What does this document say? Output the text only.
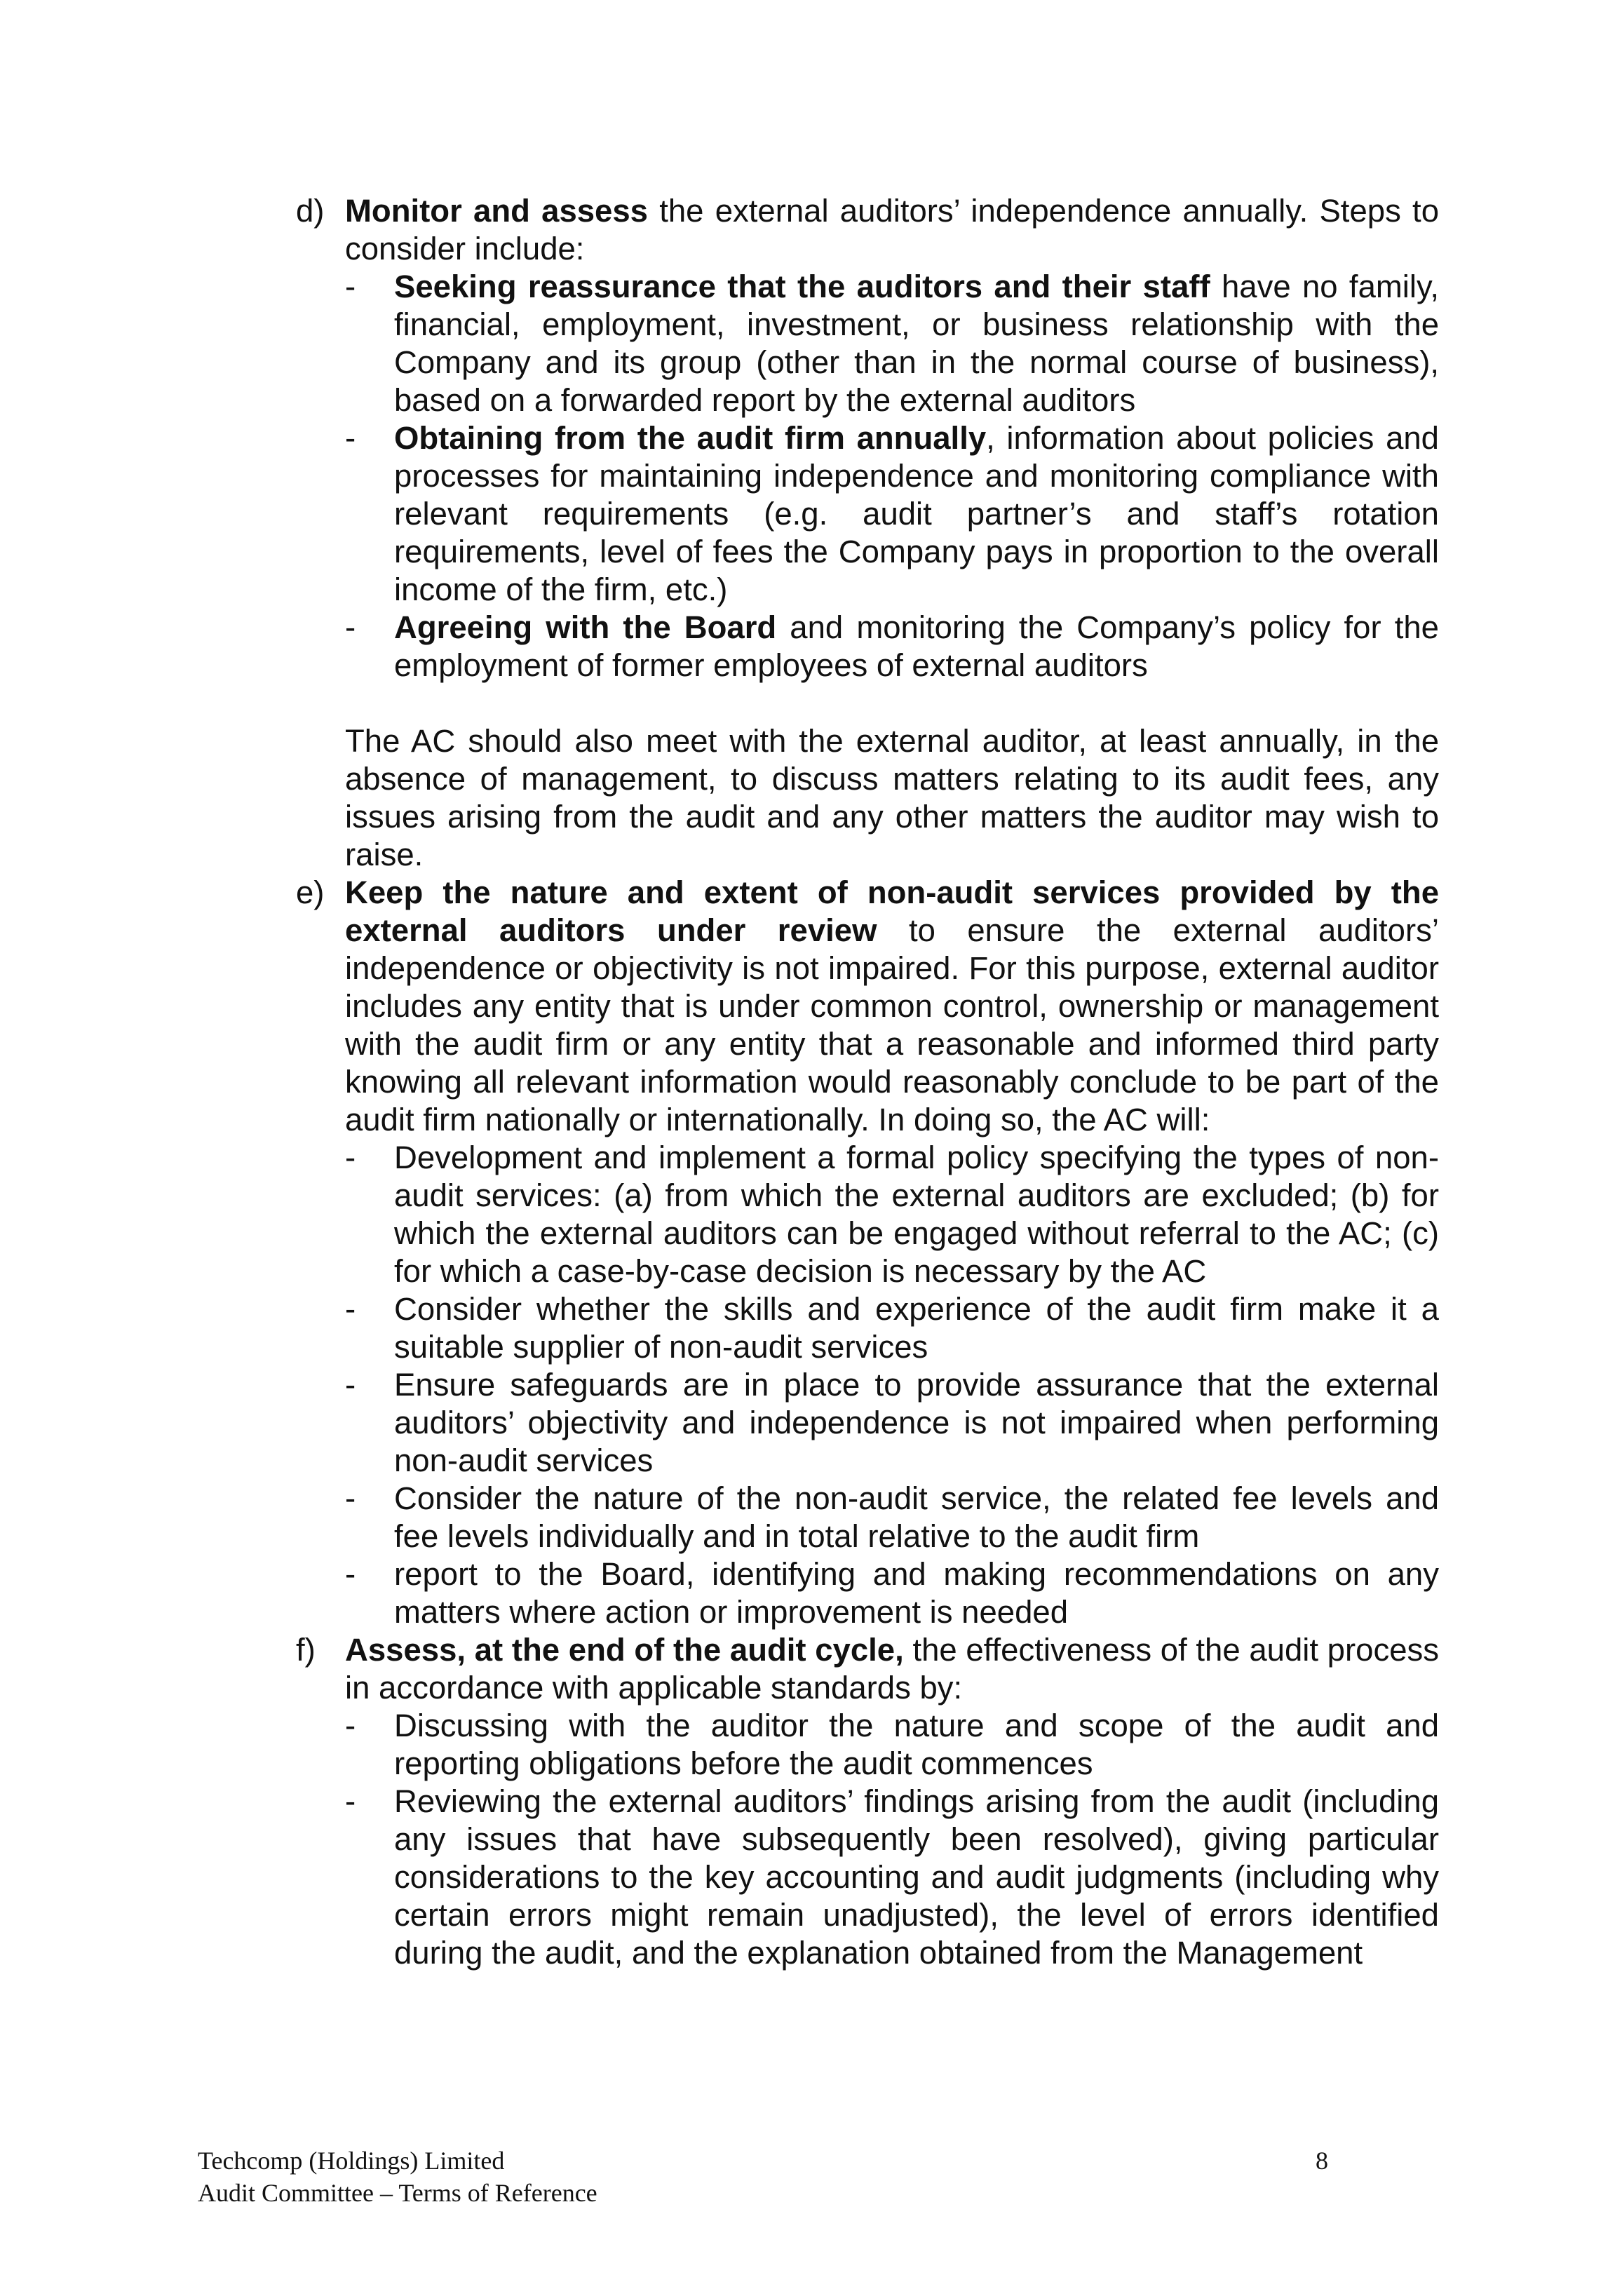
d) Monitor and assess the external auditors’ independence annually. Steps to consider include:
-	Seeking reassurance that the auditors and their staff have no family, financial, employment, investment, or business relationship with the Company and its group (other than in the normal course of business), based on a forwarded report by the external auditors
-	Obtaining from the audit firm annually, information about policies and processes for maintaining independence and monitoring compliance with relevant requirements (e.g. audit partner’s and staff’s rotation requirements, level of fees the Company pays in proportion to the overall income of the firm, etc.)
-	Agreeing with the Board and monitoring the Company’s policy for the employment of former employees of external auditors
The AC should also meet with the external auditor, at least annually, in the absence of management, to discuss matters relating to its audit fees, any issues arising from the audit and any other matters the auditor may wish to raise.
e) Keep the nature and extent of non-audit services provided by the external auditors under review to ensure the external auditors’ independence or objectivity is not impaired. For this purpose, external auditor includes any entity that is under common control, ownership or management with the audit firm or any entity that a reasonable and informed third party knowing all relevant information would reasonably conclude to be part of the audit firm nationally or internationally. In doing so, the AC will:
-	Development and implement a formal policy specifying the types of non-audit services: (a) from which the external auditors are excluded; (b) for which the external auditors can be engaged without referral to the AC; (c) for which a case-by-case decision is necessary by the AC
-	Consider whether the skills and experience of the audit firm make it a suitable supplier of non-audit services
-	Ensure safeguards are in place to provide assurance that the external auditors’ objectivity and independence is not impaired when performing non-audit services
-	Consider the nature of the non-audit service, the related fee levels and fee levels individually and in total relative to the audit firm
-	report to the Board, identifying and making recommendations on any matters where action or improvement is needed
f) Assess, at the end of the audit cycle, the effectiveness of the audit process in accordance with applicable standards by:
-	Discussing with the auditor the nature and scope of the audit and reporting obligations before the audit commences
-	Reviewing the external auditors’ findings arising from the audit (including any issues that have subsequently been resolved), giving particular considerations to the key accounting and audit judgments (including why certain errors might remain unadjusted), the level of errors identified during the audit, and the explanation obtained from the Management
Techcomp (Holdings) Limited
Audit Committee – Terms of Reference
8
